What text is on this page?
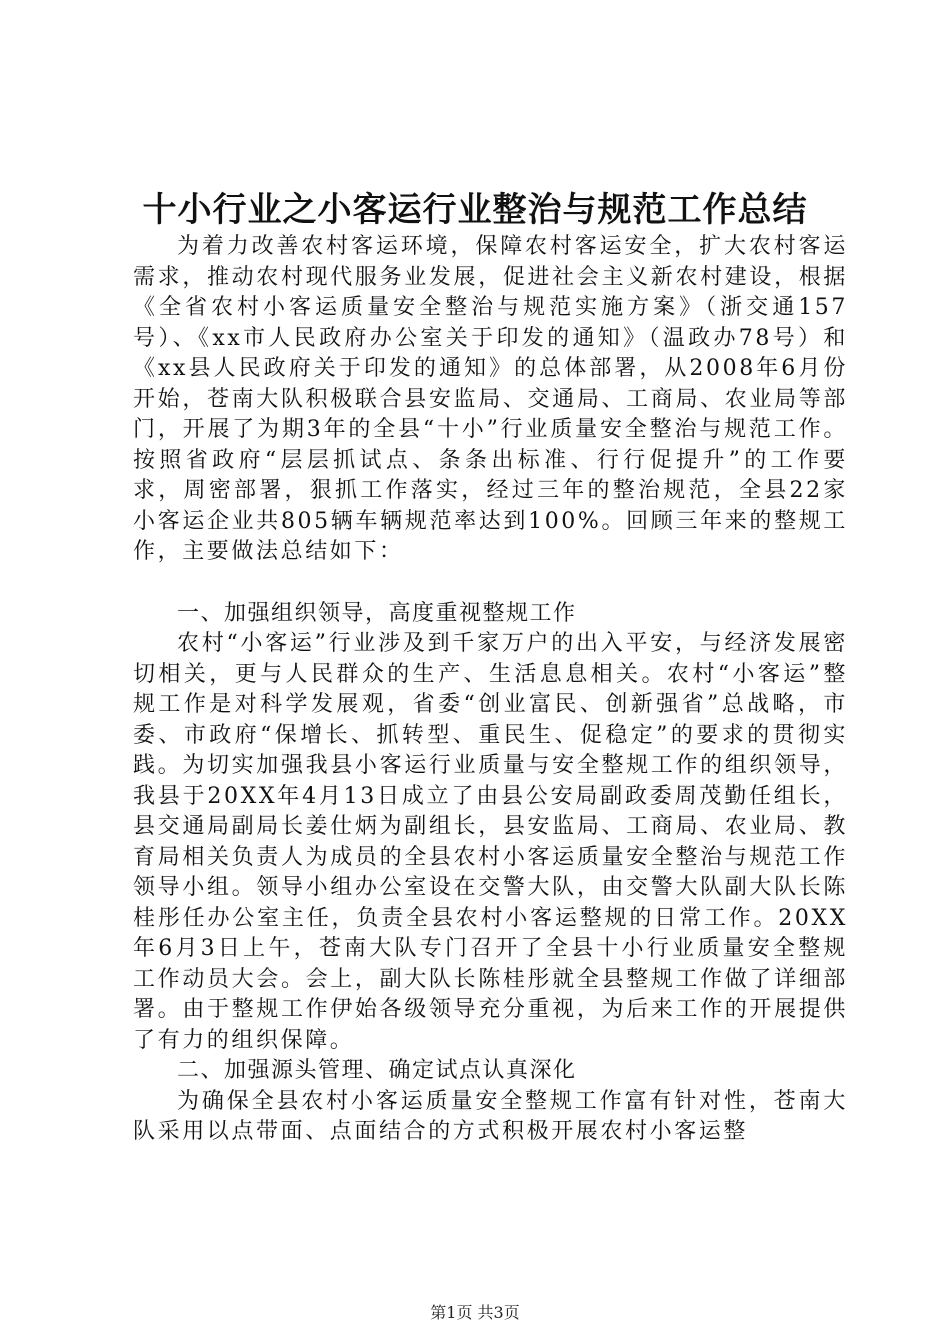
十小行业之小客运行业整治与规范工作总结

为着力改善农村客运环境，保障农村客运安全，扩大农村客运需求，推动农村现代服务业发展，促进社会主义新农村建设，根据《全省农村小客运质量安全整治与规范实施方案》（浙交通157号）、《xx市人民政府办公室关于印发的通知》（温政办78号）和《xx县人民政府关于印发的通知》的总体部署，从2008年6月份开始，苍南大队积极联合县安监局、交通局、工商局、农业局等部门，开展了为期3年的全县“十小”行业质量安全整治与规范工作。按照省政府“层层抓试点、条条出标准、行行促提升”的工作要求，周密部署，狠抓工作落实，经过三年的整治规范，全县22家小客运企业共805辆车辆规范率达到100%。回顾三年来的整规工作，主要做法总结如下：

一、加强组织领导，高度重视整规工作

农村“小客运”行业涉及到千家万户的出入平安，与经济发展密切相关，更与人民群众的生产、生活息息相关。农村“小客运”整规工作是对科学发展观，省委“创业富民、创新强省”总战略，市委、市政府“保增长、抓转型、重民生、促稳定”的要求的贯彻实践。为切实加强我县小客运行业质量与安全整规工作的组织领导，我县于20XX年4月13日成立了由县公安局副政委周茂勤任组长，县交通局副局长姜仕炳为副组长，县安监局、工商局、农业局、教育局相关负责人为成员的全县农村小客运质量安全整治与规范工作领导小组。领导小组办公室设在交警大队，由交警大队副大队长陈桂彤任办公室主任，负责全县农村小客运整规的日常工作。20XX年6月3日上午，苍南大队专门召开了全县十小行业质量安全整规工作动员大会。会上，副大队长陈桂彤就全县整规工作做了详细部署。由于整规工作伊始各级领导充分重视，为后来工作的开展提供了有力的组织保障。

二、加强源头管理、确定试点认真深化

为确保全县农村小客运质量安全整规工作富有针对性，苍南大队采用以点带面、点面结合的方式积极开展农村小客运整

第1页 共3页
